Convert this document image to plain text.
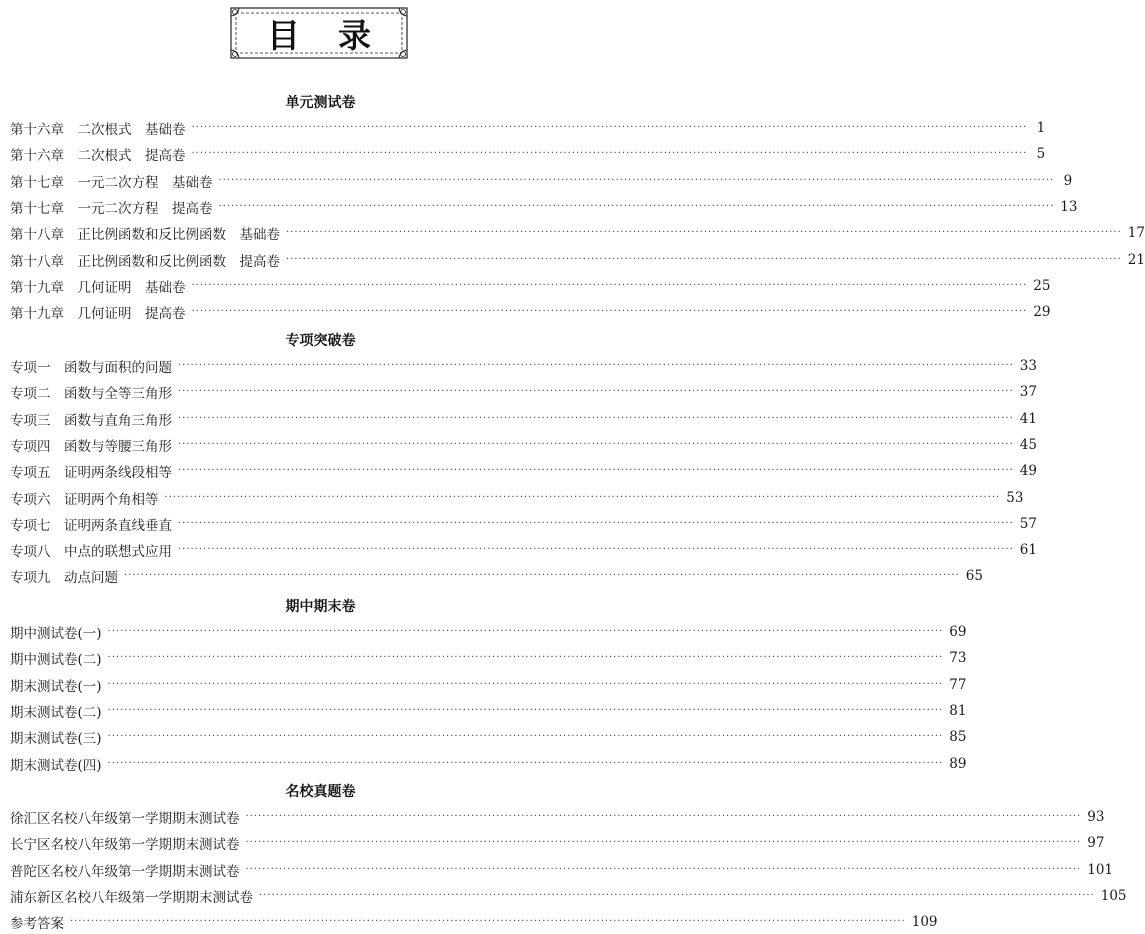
目 录
单元测试卷
第十六章　二次根式　基础卷 ········································································································································································································ 1
第十六章　二次根式　提高卷 ········································································································································································································ 5
第十七章　一元二次方程　基础卷 ········································································································································································································ 9
第十七章　一元二次方程　提高卷 ········································································································································································································ 13
第十八章　正比例函数和反比例函数　基础卷 ········································································································································································································ 17
第十八章　正比例函数和反比例函数　提高卷 ········································································································································································································ 21
第十九章　几何证明　基础卷 ········································································································································································································ 25
第十九章　几何证明　提高卷 ········································································································································································································ 29
专项突破卷
专项一　函数与面积的问题 ········································································································································································································ 33
专项二　函数与全等三角形 ········································································································································································································ 37
专项三　函数与直角三角形 ········································································································································································································ 41
专项四　函数与等腰三角形 ········································································································································································································ 45
专项五　证明两条线段相等 ········································································································································································································ 49
专项六　证明两个角相等 ········································································································································································································ 53
专项七　证明两条直线垂直 ········································································································································································································ 57
专项八　中点的联想式应用 ········································································································································································································ 61
专项九　动点问题 ········································································································································································································ 65
期中期末卷
期中测试卷(一) ········································································································································································································ 69
期中测试卷(二) ········································································································································································································ 73
期末测试卷(一) ········································································································································································································ 77
期末测试卷(二) ········································································································································································································ 81
期末测试卷(三) ········································································································································································································ 85
期末测试卷(四) ········································································································································································································ 89
名校真题卷
徐汇区名校八年级第一学期期末测试卷 ········································································································································································································ 93
长宁区名校八年级第一学期期末测试卷 ········································································································································································································ 97
普陀区名校八年级第一学期期末测试卷 ········································································································································································································ 101
浦东新区名校八年级第一学期期末测试卷 ········································································································································································································ 105
参考答案 ········································································································································································································ 109
